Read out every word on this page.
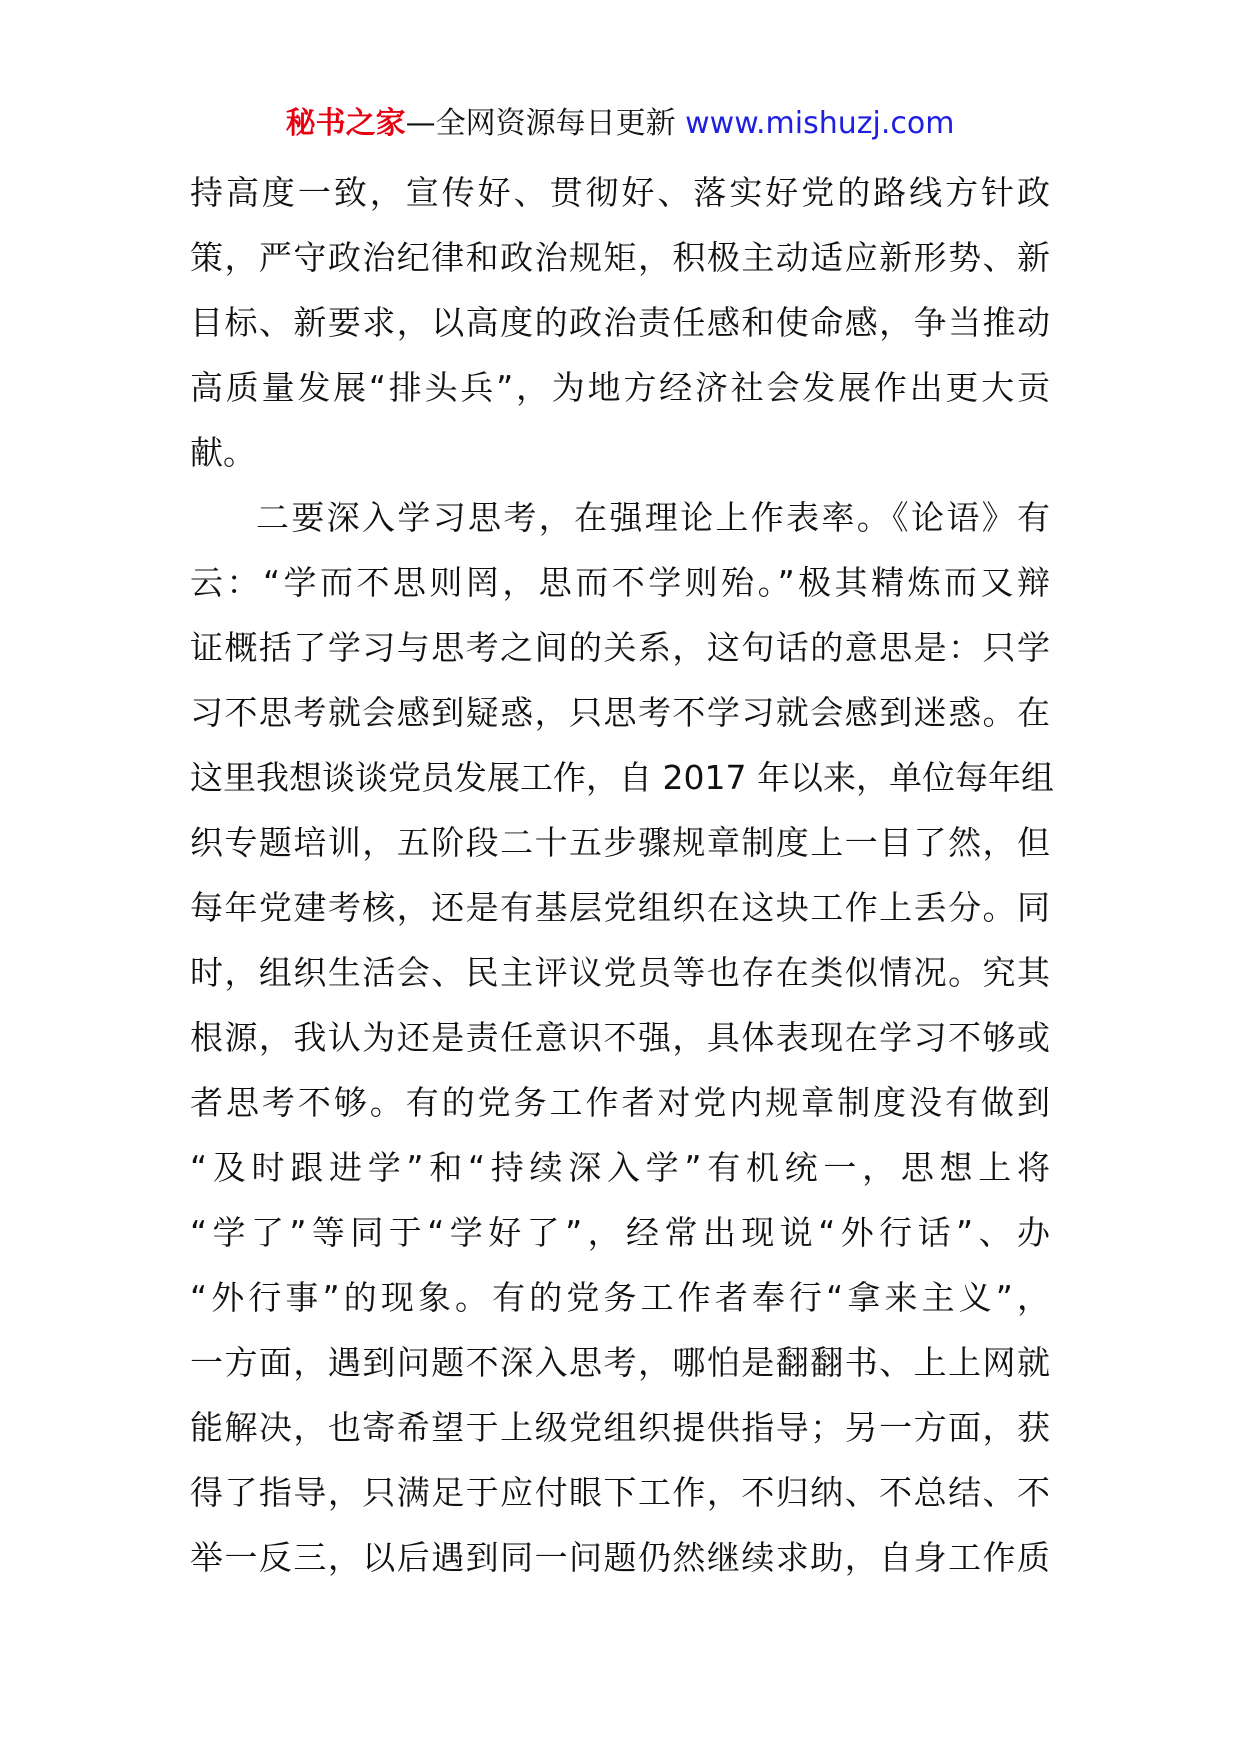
秘书之家—全网资源每日更新 www.mishuzj.com
持高度一致，宣传好、贯彻好、落实好党的路线方针政
策，严守政治纪律和政治规矩，积极主动适应新形势、新
目标、新要求，以高度的政治责任感和使命感，争当推动
高质量发展“排头兵”，为地方经济社会发展作出更大贡
献。
二要深入学习思考，在强理论上作表率。《论语》有
云：“学而不思则罔，思而不学则殆。”极其精炼而又辩
证概括了学习与思考之间的关系，这句话的意思是：只学
习不思考就会感到疑惑，只思考不学习就会感到迷惑。在
这里我想谈谈党员发展工作，自 2017 年以来，单位每年组
织专题培训，五阶段二十五步骤规章制度上一目了然，但
每年党建考核，还是有基层党组织在这块工作上丢分。同
时，组织生活会、民主评议党员等也存在类似情况。究其
根源，我认为还是责任意识不强，具体表现在学习不够或
者思考不够。有的党务工作者对党内规章制度没有做到
“及时跟进学”和“持续深入学”有机统一，思想上将
“学了”等同于“学好了”，经常出现说“外行话”、办
“外行事”的现象。有的党务工作者奉行“拿来主义”，
一方面，遇到问题不深入思考，哪怕是翻翻书、上上网就
能解决，也寄希望于上级党组织提供指导；另一方面，获
得了指导，只满足于应付眼下工作，不归纳、不总结、不
举一反三，以后遇到同一问题仍然继续求助，自身工作质
